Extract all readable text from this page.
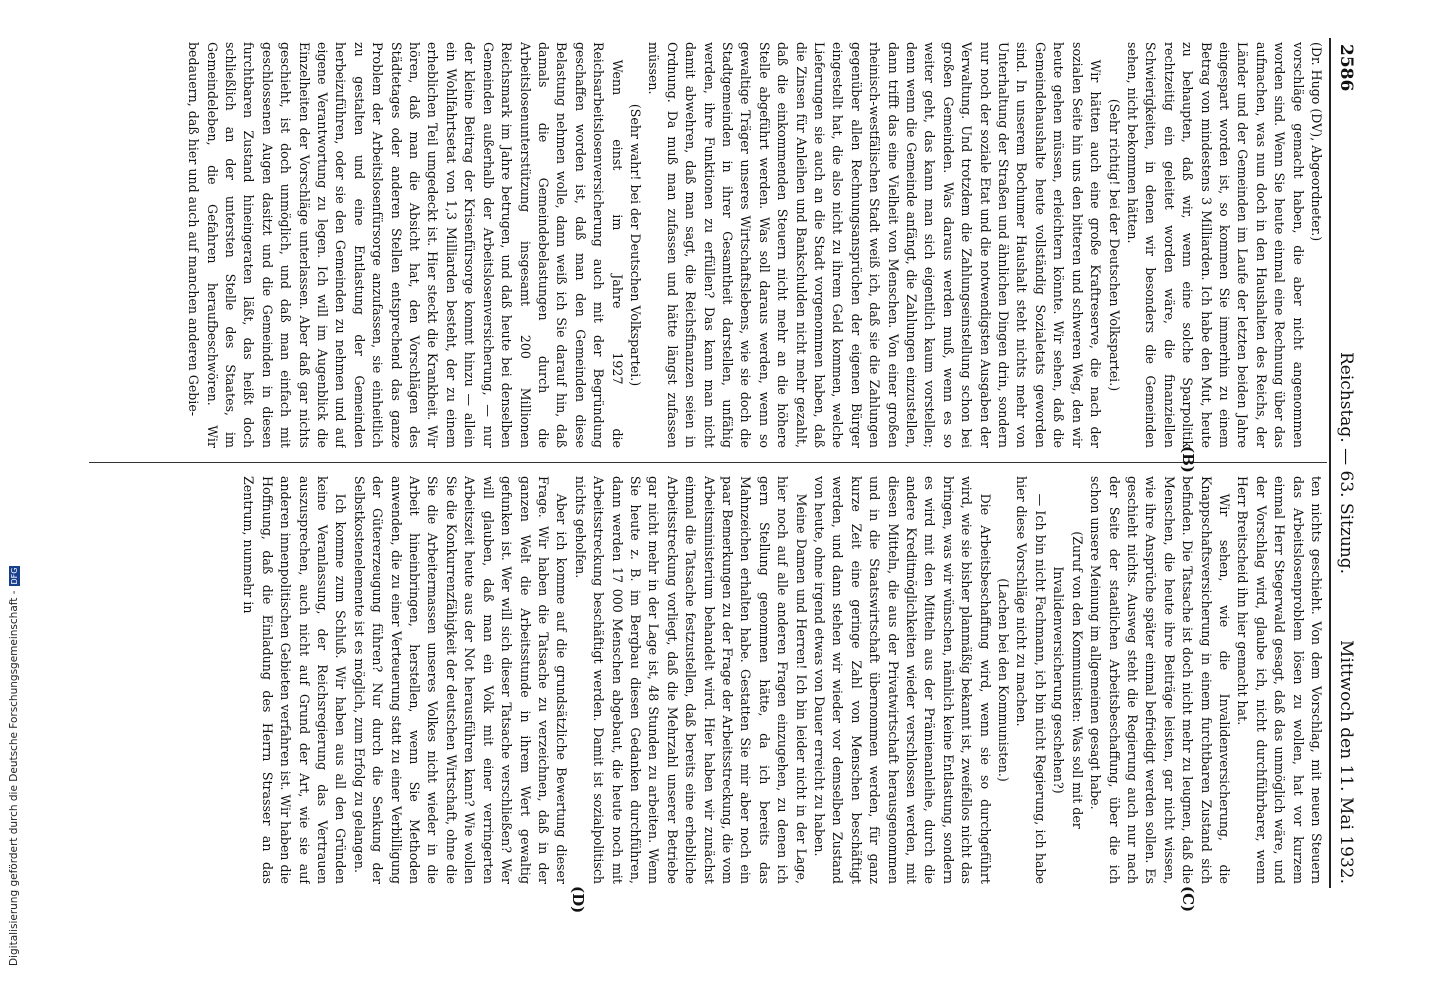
2586
Reichstag. — 63. Sitzung.
Mittwoch den 11. Mai 1932.

(Dr. Hugo (DV), Abgeordneter.)

vorschläge gemacht haben, die aber nicht angenommen worden sind. Wenn Sie heute einmal eine Rechnung über das aufmachen, was nun doch in den Haushalten des Reichs, der Länder und der Gemeinden im Laufe der letzten beiden Jahre eingespart worden ist, so kommen Sie immerhin zu einem Betrag von mindestens 3 Milliarden. Ich habe den Mut, heute zu behaupten, daß wir, wenn eine solche Sparpolitik rechtzeitig ein geleitet worden wäre, die finanziellen Schwierigkeiten, in denen wir besonders die Gemeinden sehen, nicht bekommen hätten.

(Sehr richtig! bei der Deutschen Volkspartei.)

Wir hätten auch eine große Kraftreserve, die nach der sozialen Seite hin uns den bitteren und schweren Weg, den wir heute gehen müssen, erleichtern könnte. Wir sehen, daß die Gemeindehaushalte heute vollständig Sozialetats geworden sind. In unserem Bochumer Haushalt steht nichts mehr von Unterhaltung der Straßen und ähnlichen Dingen drin, sondern nur noch der soziale Etat und die notwendigsten Ausgaben der Verwaltung. Und trotzdem die Zahlungseinstellung schon bei großen Gemeinden. Was daraus werden muß, wenn es so weiter geht, das kann man sich eigentlich kaum vorstellen; denn wenn die Gemeinde anfängt, die Zahlungen einzustellen, dann trifft das eine Vielheit von Menschen. Von einer großen rheinisch-westfälischen Stadt weiß ich, daß sie die Zahlungen gegenüber allen Rechnungsansprüchen der eigenen Bürger eingestellt hat, die also nicht zu ihrem Geld kommen, welche Lieferungen sie auch an die Stadt vorgenommen haben, daß die Zinsen für Anleihen und Bankschulden nicht mehr gezahlt, daß die einkommenden Steuern nicht mehr an die höhere Stelle abgeführt werden. Was soll daraus werden, wenn so gewaltige Träger unseres Wirtschaftslebens, wie sie doch die Stadtgemeinden in ihrer Gesamtheit darstellen, unfähig werden, ihre Funktionen zu erfüllen? Das kann man nicht damit abwehren, daß man sagt, die Reichsfinanzen seien in Ordnung. Da muß man zufassen und hätte längst zufassen müssen.

(Sehr wahr! bei der Deutschen Volkspartei.)

Wenn einst im Jahre 1927 die Reichsarbeitslosenversicherung auch mit der Begründung geschaffen worden ist, daß man den Gemeinden diese Belastung nehmen wolle, dann weiß ich Sie darauf hin, daß damals die Gemeindebelastungen durch die Arbeitslosenunterstützung insgesamt 200 Millionen Reichsmark im Jahre betrugen, und daß heute bei denselben Gemeinden außerhalb der Arbeitslosenversicherung, — nur der kleine Beitrag der Krisenfürsorge kommt hinzu — allein ein Wohlfahrtsetat von 1,3 Milliarden besteht, der zu einem erheblichen Teil umgedeckt ist. Hier steckt die Krankheit. Wir hören, daß man die Absicht hat, den Vorschlägen des Städtetages oder anderen Stellen entsprechend das ganze Problem der Arbeitslosenfürsorge anzufassen, sie einheitlich zu gestalten und eine Entlastung der Gemeinden herbeizuführen, oder sie den Gemeinden zu nehmen und auf eigene Verantwortung zu legen. Ich will im Augenblick die Einzelheiten der Vorschläge unterlassen. Aber daß gar nichts geschieht, ist doch unmöglich, und daß man einfach mit geschlossenen Augen dasitzt und die Gemeinden in diesen furchtbaren Zustand hineingeraten läßt, das heißt doch schließlich an der untersten Stelle des Staates, im Gemeindeleben, die Gefahren heraufbeschwören. Wir bedauern, daß hier und auch auf manchen anderen Gebie-

ten nichts geschieht. Von dem Vorschlag, mit neuen Steuern das Arbeitslosenproblem lösen zu wollen, hat vor kurzem einmal Herr Stegerwald gesagt, daß das unmöglich wäre, und der Vorschlag wird, glaube ich, nicht durchführbarer, wenn Herr Breitscheid ihn hier gemacht hat.

Wir sehen, wie die Invalidenversicherung, die Knappschaftsversicherung in einem furchtbaren Zustand sich befinden. Die Tatsache ist doch nicht mehr zu leugnen, daß die Menschen, die heute ihre Beiträge leisten, gar nicht wissen, wie ihre Ansprüche später einmal befriedigt werden sollen. Es geschieht nichts. Ausweg steht die Regierung auch nur nach der Seite der staatlichen Arbeitsbeschaffung, über die ich schon unsere Meinung im allgemeinen gesagt habe.

(Zuruf von den Kommunisten: Was soll mit der Invalidenversicherung geschehen?)

— Ich bin nicht Fachmann, ich bin nicht Regierung, ich habe hier diese Vorschläge nicht zu machen.

(Lachen bei den Kommunisten.)

Die Arbeitsbeschaffung wird, wenn sie so durchgeführt wird, wie sie bisher planmäßig bekannt ist, zweifellos nicht das bringen, was wir wünschen, nämlich keine Entlastung, sondern es wird mit den Mitteln aus der Prämienanleihe, durch die andere Kreditmöglichkeiten wieder verschlossen werden, mit diesen Mitteln, die aus der Privatwirtschaft herausgenommen und in die Staatswirtschaft übernommen werden, für ganz kurze Zeit eine geringe Zahl von Menschen beschäftigt werden, und dann stehen wir wieder vor demselben Zustand von heute, ohne irgend etwas von Dauer erreicht zu haben.

Meine Damen und Herren! Ich bin leider nicht in der Lage, hier noch auf alle anderen Fragen einzugehen, zu denen ich gern Stellung genommen hätte, da ich bereits das Mahnzeichen erhalten habe. Gestatten Sie mir aber noch ein paar Bemerkungen zu der Frage der Arbeitsstreckung, die vom Arbeitsministerium behandelt wird. Hier haben wir zunächst einmal die Tatsache festzustellen, daß bereits eine erhebliche Arbeitsstreckung vorliegt, daß die Mehrzahl unserer Betriebe gar nicht mehr in der Lage ist, 48 Stunden zu arbeiten. Wenn Sie heute z. B. im Bergbau diesen Gedanken durchführen, dann werden 17 000 Menschen abgebaut, die heute noch mit Arbeitsstreckung beschäftigt werden. Damit ist sozialpolitisch nichts geholfen.

Aber ich komme auf die grundsätzliche Bewertung dieser Frage. Wir haben die Tatsache zu verzeichnen, daß in der ganzen Welt die Arbeitsstunde in ihrem Wert gewaltig gefunken ist. Wer will sich dieser Tatsache verschließen? Wer will glauben, daß man ein Volk mit einer verringerten Arbeitszeit heute aus der Not herausführen kann? Wie wollen Sie die Konkurrenzfähigkeit der deutschen Wirtschaft, ohne die Sie die Arbeitermassen unseres Volkes nicht wieder in die Arbeit hineinbringen, herstellen, wenn Sie Methoden anwenden, die zu einer Verteuerung statt zu einer Verbilligung der Gütererzeugung führen? Nur durch die Senkung der Selbstkostenelemente ist es möglich, zum Erfolg zu gelangen.

Ich komme zum Schluß. Wir haben aus all den Gründen keine Veranlassung, der Reichsregierung das Vertrauen auszusprechen, auch nicht auf Grund der Art, wie sie auf anderen innenpolitischen Gebieten verfahren ist. Wir haben die Hoffnung, daß die Einladung des Herrn Strasser an das Zentrum, nunmehr in

(B)
(C)
(D)
Digitalisierung gefördert durch die Deutsche Forschungsgemeinschaft -DFG
